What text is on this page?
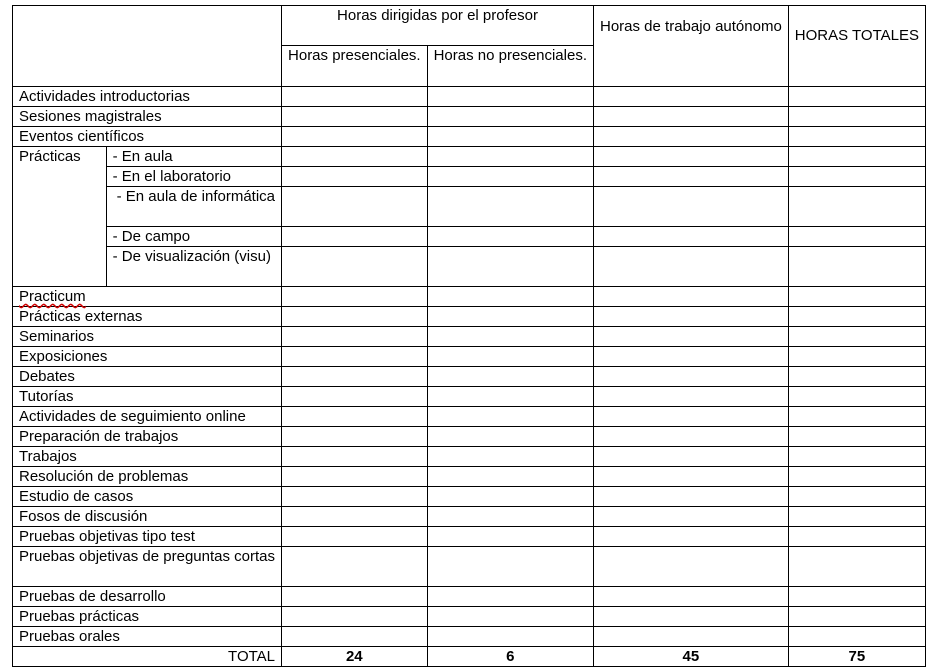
		Horas dirigidas por el profesor		Horas de trabajo autónomo	HORAS TOTALES
		Horas presenciales.	Horas no presenciales.		
Actividades introductorias					
Sesiones magistrales					
Eventos científicos					
Prácticas	- En aula				
	- En el laboratorio				

	- En aula de informática				

	- De campo				

	- De visualización (visu)				

Practicum					
Prácticas externas					
Seminarios					
Exposiciones					
Debates					
Tutorías					
Actividades de seguimiento online					
Preparación de trabajos					
Trabajos					
Resolución de problemas					
Estudio de casos					
Fosos de discusión					
Pruebas objetivas tipo test					
Pruebas objetivas de preguntas cortas					
Pruebas de desarrollo					
Pruebas prácticas					
Pruebas orales					
TOTAL		24	6	45	75
